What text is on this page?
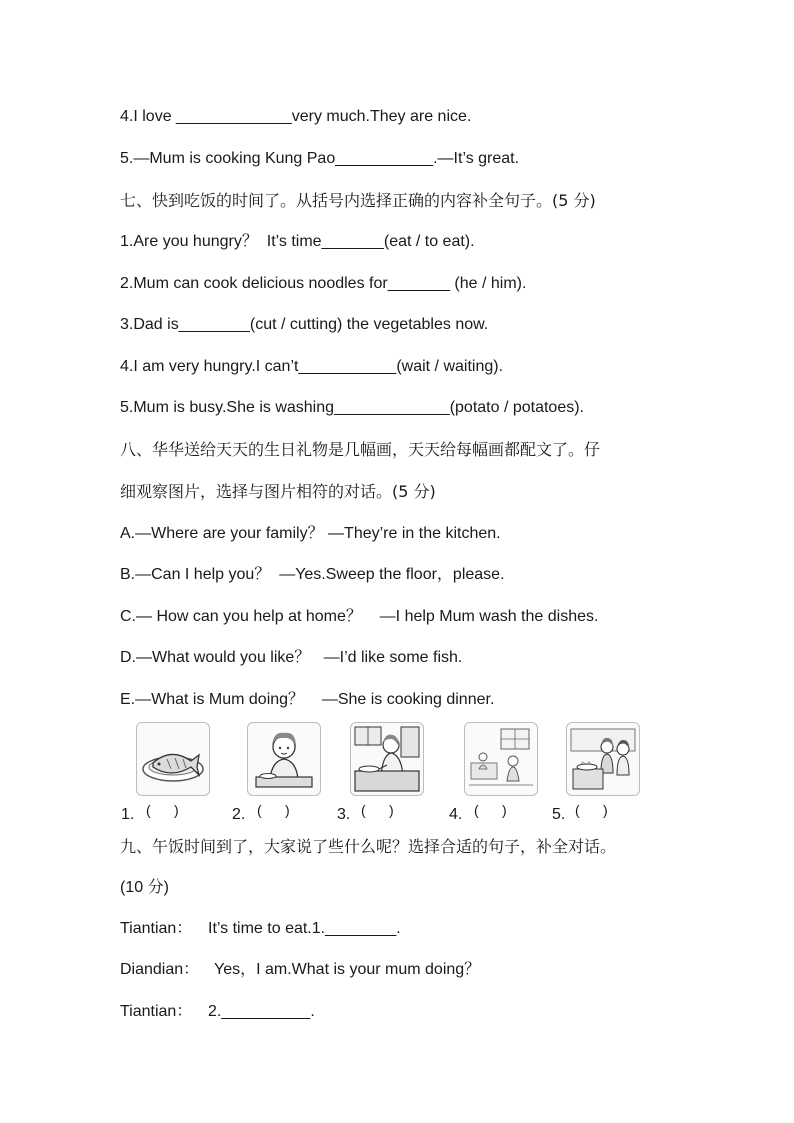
4.I love _____________very much.They are nice.
5.—Mum is cooking Kung Pao___________.—It’s great.
七、快到吃饭的时间了。从括号内选择正确的内容补全句子。(5 分)
1.Are you hungry？  It’s time_______(eat / to eat).
2.Mum can cook delicious noodles for_______ (he / him).
3.Dad is________(cut / cutting) the vegetables now.
4.I am very hungry.I can’t___________(wait / waiting).
5.Mum is busy.She is washing_____________(potato / potatoes).
八、华华送给天天的生日礼物是几幅画，天天给每幅画都配文了。仔
细观察图片，选择与图片相符的对话。(5 分)
A.—Where are your family？ —They’re in the kitchen.
B.—Can I help you？  —Yes.Sweep the floor，please.
C.— How can you help at home？    —I help Mum wash the dishes.
D.—What would you like？   —I’d like some fish.
E.—What is Mum doing？    —She is cooking dinner.
1. (      )	2. (      )	3. (      )	4. (      )	5. (      )
九、午饭时间到了，大家说了些什么呢？选择合适的句子，补全对话。
(10 分)
Tiantian： It’s time to eat.1.________.
Diandian： Yes，I am.What is your mum doing？
Tiantian： 2.__________.
